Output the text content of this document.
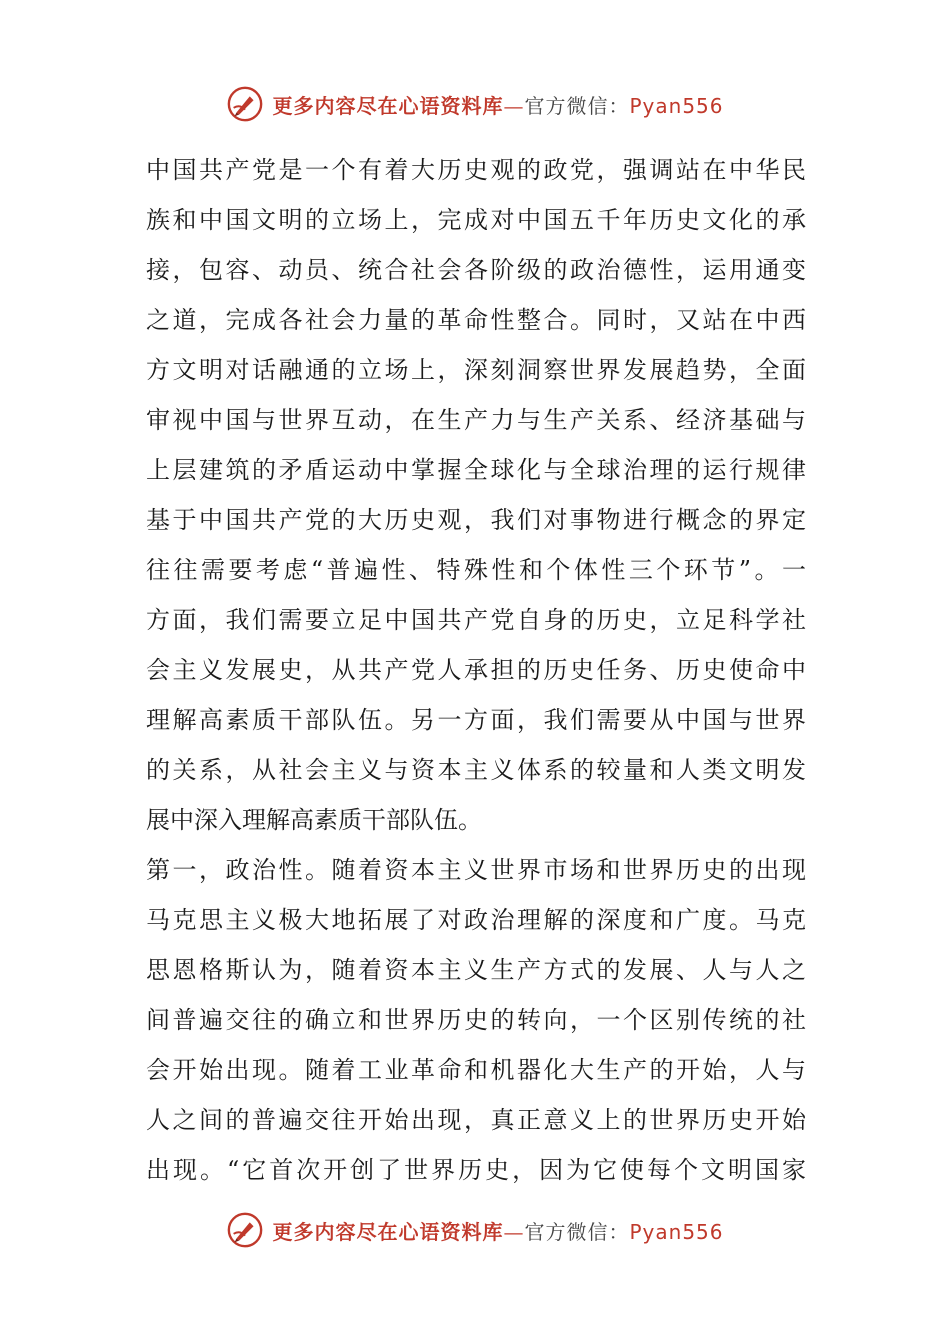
更多内容尽在心语资料库—官方微信：Pyan556
中国共产党是一个有着大历史观的政党，强调站在中华民
族和中国文明的立场上，完成对中国五千年历史文化的承
接，包容、动员、统合社会各阶级的政治德性，运用通变
之道，完成各社会力量的革命性整合。同时，又站在中西
方文明对话融通的立场上，深刻洞察世界发展趋势，全面
审视中国与世界互动，在生产力与生产关系、经济基础与
上层建筑的矛盾运动中掌握全球化与全球治理的运行规律
基于中国共产党的大历史观，我们对事物进行概念的界定
往往需要考虑“普遍性、特殊性和个体性三个环节”。一
方面，我们需要立足中国共产党自身的历史，立足科学社
会主义发展史，从共产党人承担的历史任务、历史使命中
理解高素质干部队伍。另一方面，我们需要从中国与世界
的关系，从社会主义与资本主义体系的较量和人类文明发
展中深入理解高素质干部队伍。
第一，政治性。随着资本主义世界市场和世界历史的出现
马克思主义极大地拓展了对政治理解的深度和广度。马克
思恩格斯认为，随着资本主义生产方式的发展、人与人之
间普遍交往的确立和世界历史的转向，一个区别传统的社
会开始出现。随着工业革命和机器化大生产的开始，人与
人之间的普遍交往开始出现，真正意义上的世界历史开始
出现。“它首次开创了世界历史，因为它使每个文明国家
更多内容尽在心语资料库—官方微信：Pyan556
